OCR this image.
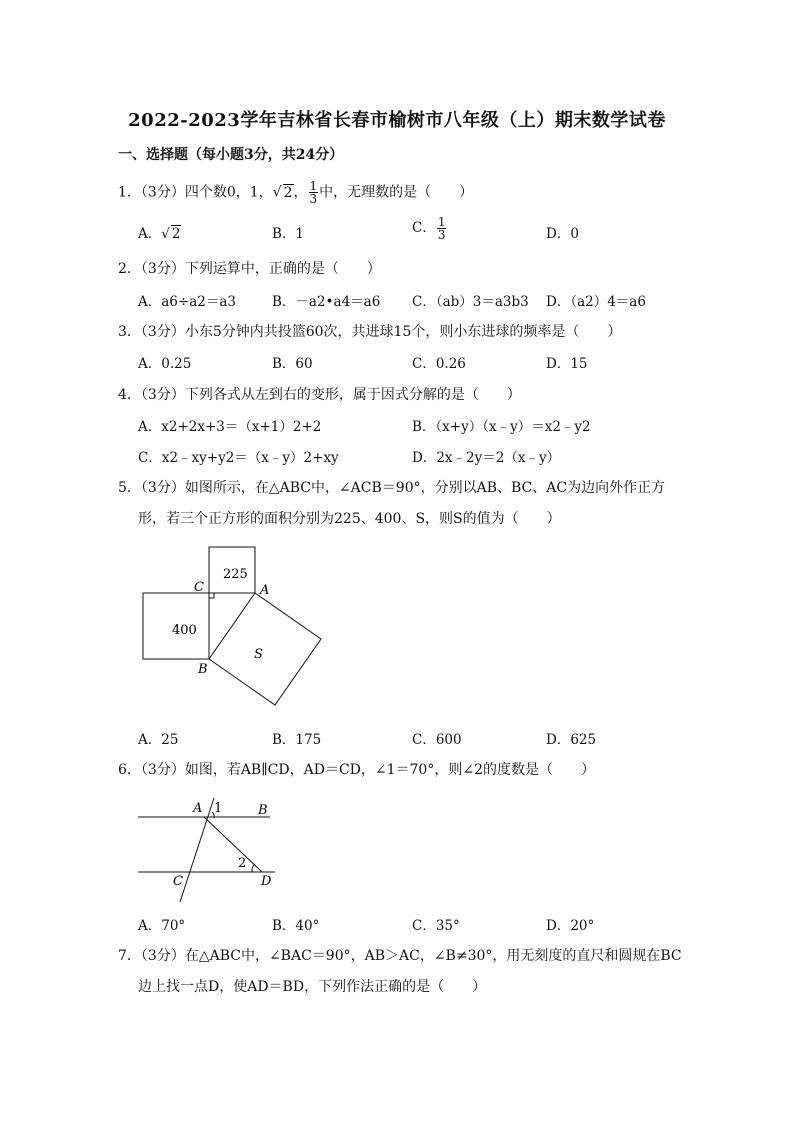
2022-2023学年吉林省长春市榆树市八年级（上）期末数学试卷
一、选择题（每小题3分，共24分）
1．（3分）四个数0，1，√ 2， $\frac{1}{3}$ 中，无理数的是（　　）
A．√ 2	B．1	C． $\frac{1}{3}$	D．0
2．（3分）下列运算中，正确的是（　　）
A．a6÷a2＝a3	B．－a2•a4＝a6 C．（ab）3＝a3b3 D．（a2）4＝a6
3．（3分）小东5分钟内共投篮60次，共进球15个，则小东进球的频率是（　　）
A．0.25	B．60	C．0.26	D．15
4．（3分）下列各式从左到右的变形，属于因式分解的是（　　）
A．x2+2x+3＝（x+1）2+2	B．（x+y）（x﹣y）＝x2﹣y2
C．x2﹣xy+y2＝（x﹣y）2+xy	D．2x﹣2y＝2（x﹣y）
5．（3分）如图所示，在△ABC中，∠ACB＝90°，分别以AB、BC、AC为边向外作正方
形，若三个正方形的面积分别为225、400、S，则S的值为（　　）
C	A
B
225
400
S
A．25	B．175	C．600	D．625
6．（3分）如图，若AB∥CD，AD＝CD，∠1＝70°，则∠2的度数是（　　）
A 1	B
2
C	D
A．70°	B．40°	C．35°	D．20°
7．（3分）在△ABC中，∠BAC＝90°，AB＞AC，∠B≠30°，用无刻度的直尺和圆规在BC
边上找一点D，使AD＝BD，下列作法正确的是（　　）
